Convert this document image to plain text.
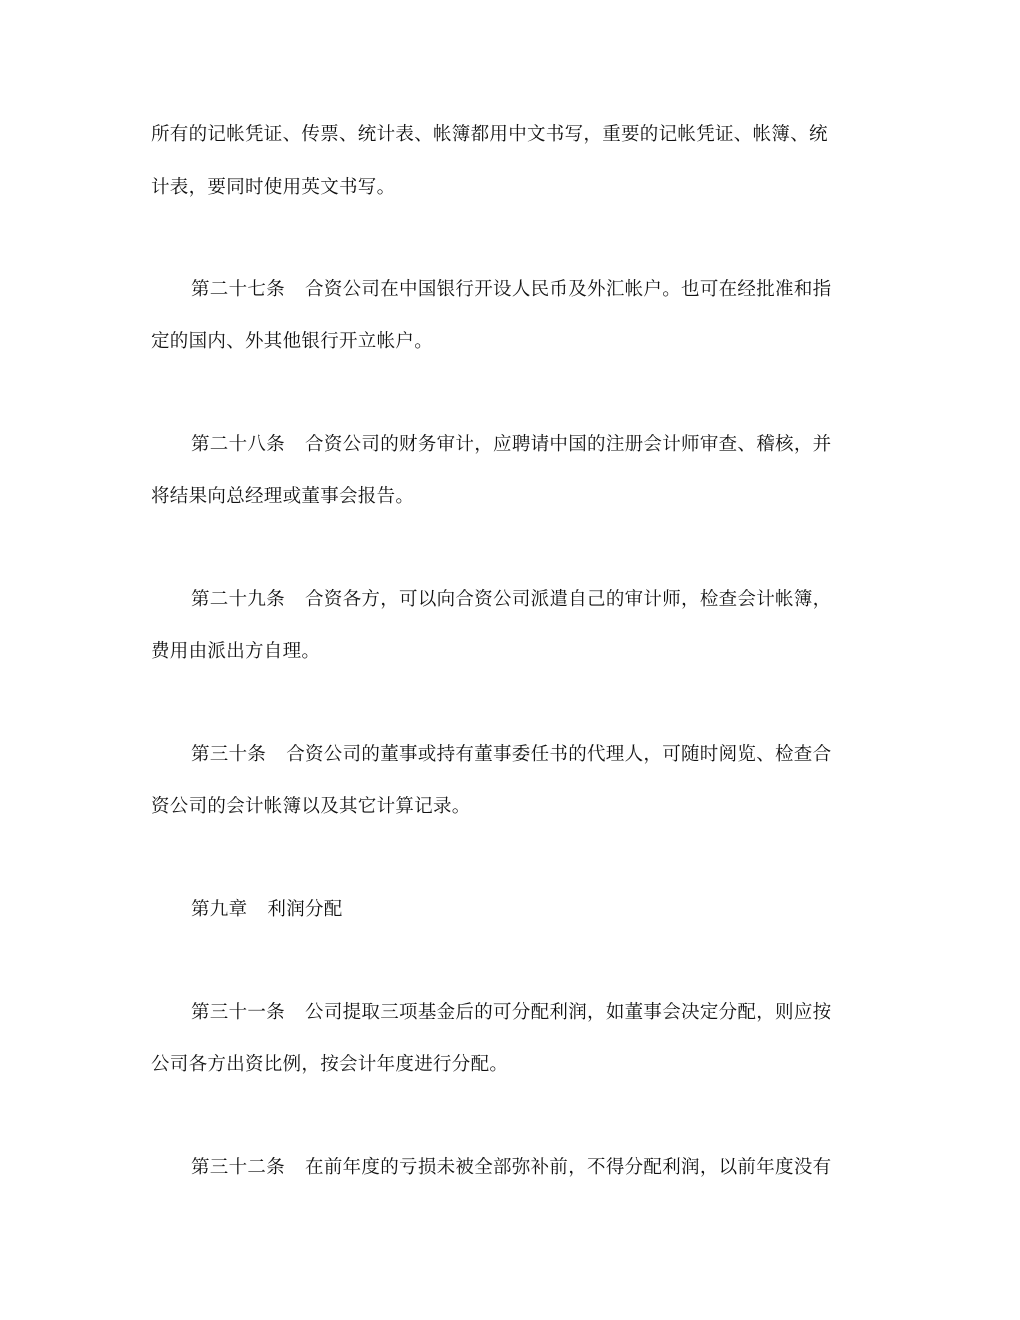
所有的记帐凭证、传票、统计表、帐簿都用中文书写，重要的记帐凭证、帐簿、统
计表，要同时使用英文书写。
第二十七条 合资公司在中国银行开设人民币及外汇帐户。也可在经批准和指
定的国内、外其他银行开立帐户。
第二十八条 合资公司的财务审计，应聘请中国的注册会计师审查、稽核，并
将结果向总经理或董事会报告。
第二十九条 合资各方，可以向合资公司派遣自己的审计师，检查会计帐簿，
费用由派出方自理。
第三十条 合资公司的董事或持有董事委任书的代理人，可随时阅览、检查合
资公司的会计帐簿以及其它计算记录。
第九章 利润分配
第三十一条 公司提取三项基金后的可分配利润，如董事会决定分配，则应按
公司各方出资比例，按会计年度进行分配。
第三十二条 在前年度的亏损未被全部弥补前，不得分配利润，以前年度没有
